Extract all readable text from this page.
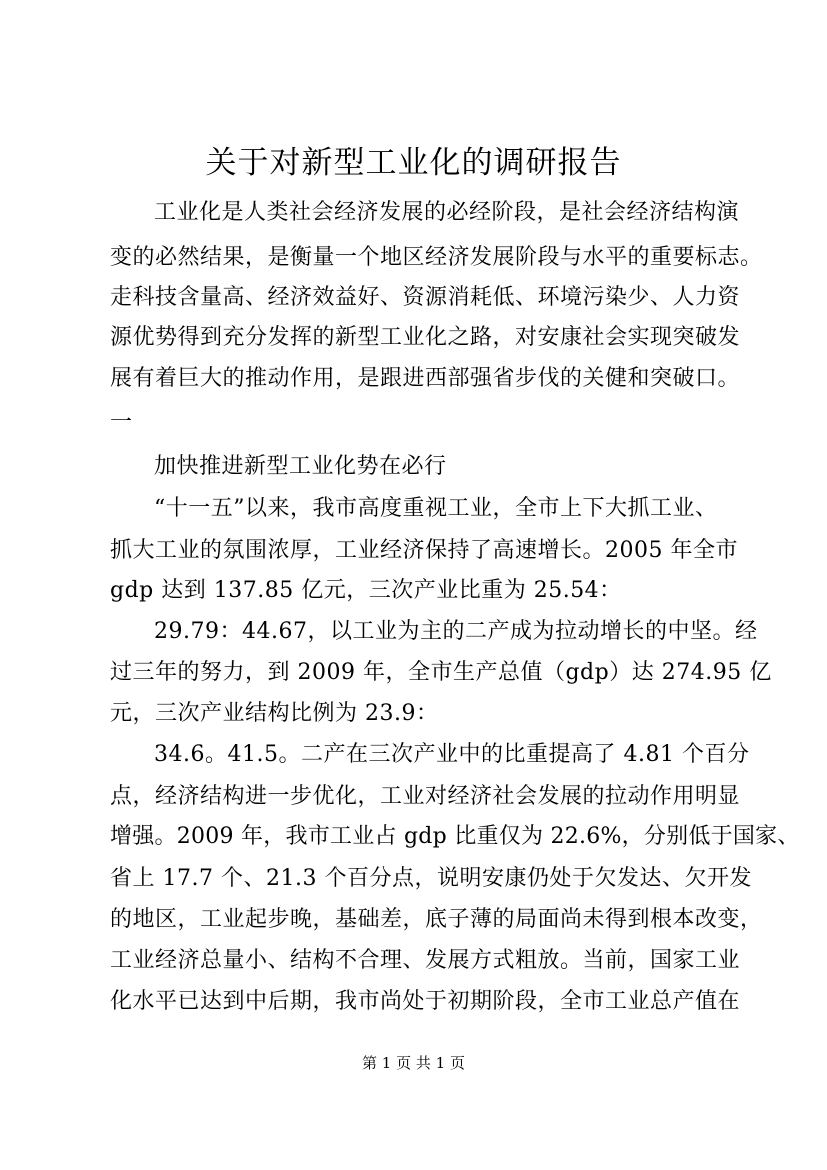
关于对新型工业化的调研报告
工业化是人类社会经济发展的必经阶段，是社会经济结构演
变的必然结果，是衡量一个地区经济发展阶段与水平的重要标志。
走科技含量高、经济效益好、资源消耗低、环境污染少、人力资
源优势得到充分发挥的新型工业化之路，对安康社会实现突破发
展有着巨大的推动作用，是跟进西部强省步伐的关健和突破口。
一
加快推进新型工业化势在必行
“十一五”以来，我市高度重视工业，全市上下大抓工业、
抓大工业的氛围浓厚，工业经济保持了高速增长。2005 年全市
gdp 达到 137.85 亿元，三次产业比重为 25.54：
29.79：44.67，以工业为主的二产成为拉动增长的中坚。经
过三年的努力，到 2009 年，全市生产总值（gdp）达 274.95 亿
元，三次产业结构比例为 23.9：
34.6。41.5。二产在三次产业中的比重提高了 4.81 个百分
点，经济结构进一步优化，工业对经济社会发展的拉动作用明显
增强。2009 年，我市工业占 gdp 比重仅为 22.6%，分别低于国家、
省上 17.7 个、21.3 个百分点，说明安康仍处于欠发达、欠开发
的地区，工业起步晚，基础差，底子薄的局面尚未得到根本改变，
工业经济总量小、结构不合理、发展方式粗放。当前，国家工业
化水平已达到中后期，我市尚处于初期阶段，全市工业总产值在
第 1 页 共 1 页
